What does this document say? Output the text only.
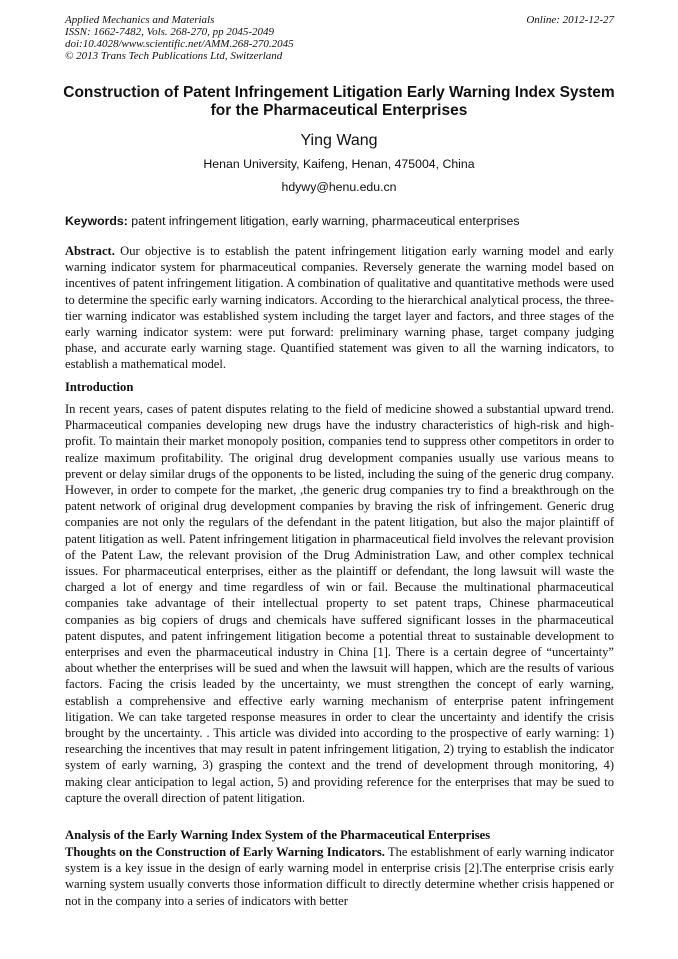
Applied Mechanics and Materials
ISSN: 1662-7482, Vols. 268-270, pp 2045-2049
doi:10.4028/www.scientific.net/AMM.268-270.2045
© 2013 Trans Tech Publications Ltd, Switzerland
Online: 2012-12-27
Construction of Patent Infringement Litigation Early Warning Index System for the Pharmaceutical Enterprises
Ying Wang
Henan University, Kaifeng, Henan, 475004, China
hdywy@henu.edu.cn
Keywords: patent infringement litigation, early warning, pharmaceutical enterprises
Abstract. Our objective is to establish the patent infringement litigation early warning model and early warning indicator system for pharmaceutical companies. Reversely generate the warning model based on incentives of patent infringement litigation. A combination of qualitative and quantitative methods were used to determine the specific early warning indicators. According to the hierarchical analytical process, the three-tier warning indicator was established system including the target layer and factors, and three stages of the early warning indicator system: were put forward: preliminary warning phase, target company judging phase, and accurate early warning stage. Quantified statement was given to all the warning indicators, to establish a mathematical model.
Introduction
In recent years, cases of patent disputes relating to the field of medicine showed a substantial upward trend. Pharmaceutical companies developing new drugs have the industry characteristics of high-risk and high-profit. To maintain their market monopoly position, companies tend to suppress other competitors in order to realize maximum profitability. The original drug development companies usually use various means to prevent or delay similar drugs of the opponents to be listed, including the suing of the generic drug company. However, in order to compete for the market, ,the generic drug companies try to find a breakthrough on the patent network of original drug development companies by braving the risk of infringement. Generic drug companies are not only the regulars of the defendant in the patent litigation, but also the major plaintiff of patent litigation as well. Patent infringement litigation in pharmaceutical field involves the relevant provision of the Patent Law, the relevant provision of the Drug Administration Law, and other complex technical issues. For pharmaceutical enterprises, either as the plaintiff or defendant, the long lawsuit will waste the charged a lot of energy and time regardless of win or fail. Because the multinational pharmaceutical companies take advantage of their intellectual property to set patent traps, Chinese pharmaceutical companies as big copiers of drugs and chemicals have suffered significant losses in the pharmaceutical patent disputes, and patent infringement litigation become a potential threat to sustainable development to enterprises and even the pharmaceutical industry in China [1]. There is a certain degree of “uncertainty” about whether the enterprises will be sued and when the lawsuit will happen, which are the results of various factors. Facing the crisis leaded by the uncertainty, we must strengthen the concept of early warning, establish a comprehensive and effective early warning mechanism of enterprise patent infringement litigation. We can take targeted response measures in order to clear the uncertainty and identify the crisis brought by the uncertainty. . This article was divided into according to the prospective of early warning: 1) researching the incentives that may result in patent infringement litigation, 2) trying to establish the indicator system of early warning, 3) grasping the context and the trend of development through monitoring, 4) making clear anticipation to legal action, 5) and providing reference for the enterprises that may be sued to capture the overall direction of patent litigation.
Analysis of the Early Warning Index System of the Pharmaceutical Enterprises
Thoughts on the Construction of Early Warning Indicators. The establishment of early warning indicator system is a key issue in the design of early warning model in enterprise crisis [2].The enterprise crisis early warning system usually converts those information difficult to directly determine whether crisis happened or not in the company into a series of indicators with better
